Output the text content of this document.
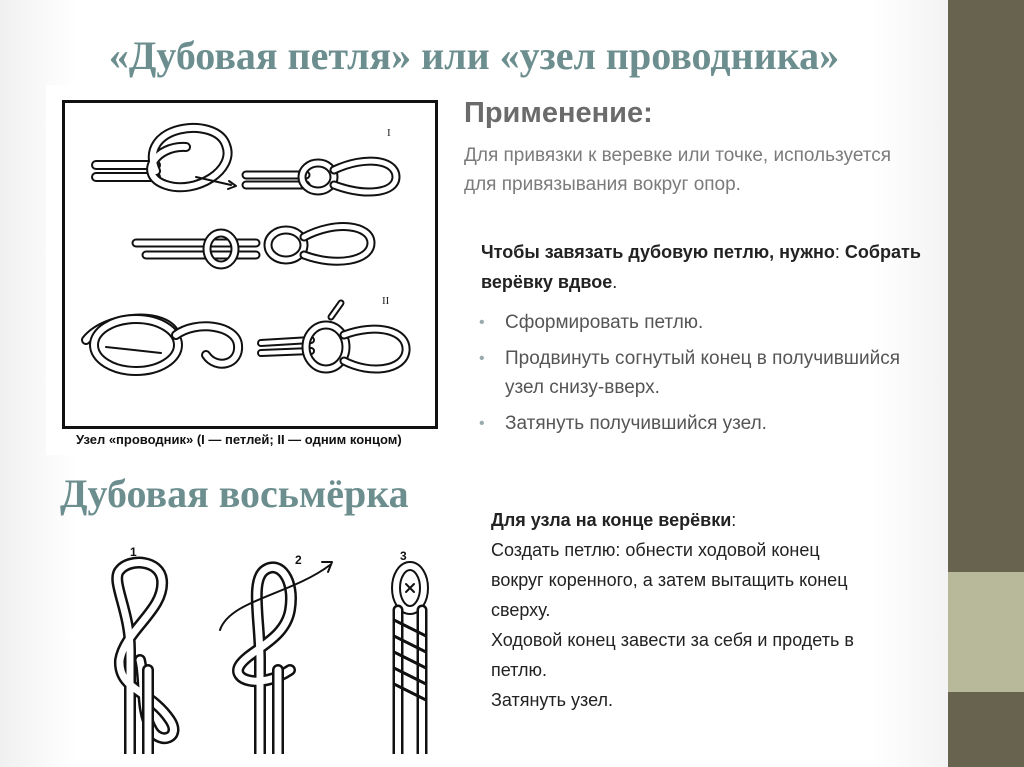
«Дубовая петля» или «узел проводника»
I
II
Узел «проводник» (I — петлей; II — одним концом)
Применение:
Для привязки к веревке или точке, используется для привязывания вокруг опор.
Чтобы завязать дубовую петлю, нужно: Собрать верёвку вдвое.
• Сформировать петлю.
• Продвинуть согнутый конец в получившийся узел снизу-вверх.
• Затянуть получившийся узел.
Дубовая восьмёрка
1
2	3
Для узла на конце верёвки:
Создать петлю: обнести ходовой конец
вокруг коренного, а затем вытащить конец
сверху.
Ходовой конец завести за себя и продеть в
петлю.
Затянуть узел.
